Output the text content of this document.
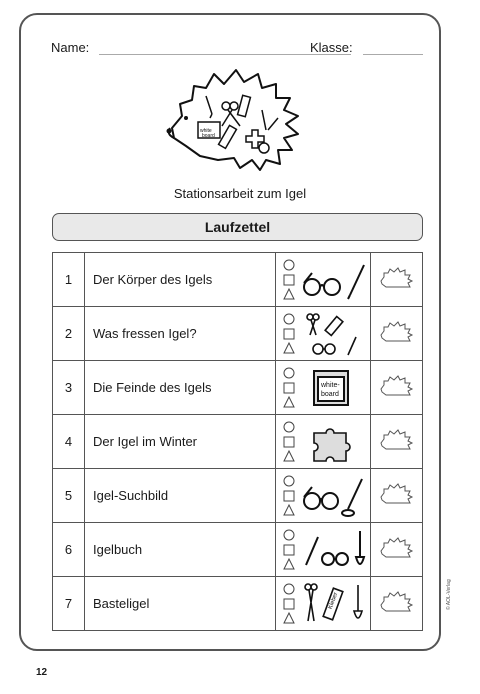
Name:	Klasse:
white
board
Stationsarbeit zum Igel
Laufzettel
1	Der Körper des Igels	

2	Was fressen Igel?	

3	Die Feinde des Igels	white-
board

4	Der Igel im Winter	

5	Igel-Suchbild	

6	Igelbuch	

7	Basteligel	Kleber

12
© AOL-Verlag
